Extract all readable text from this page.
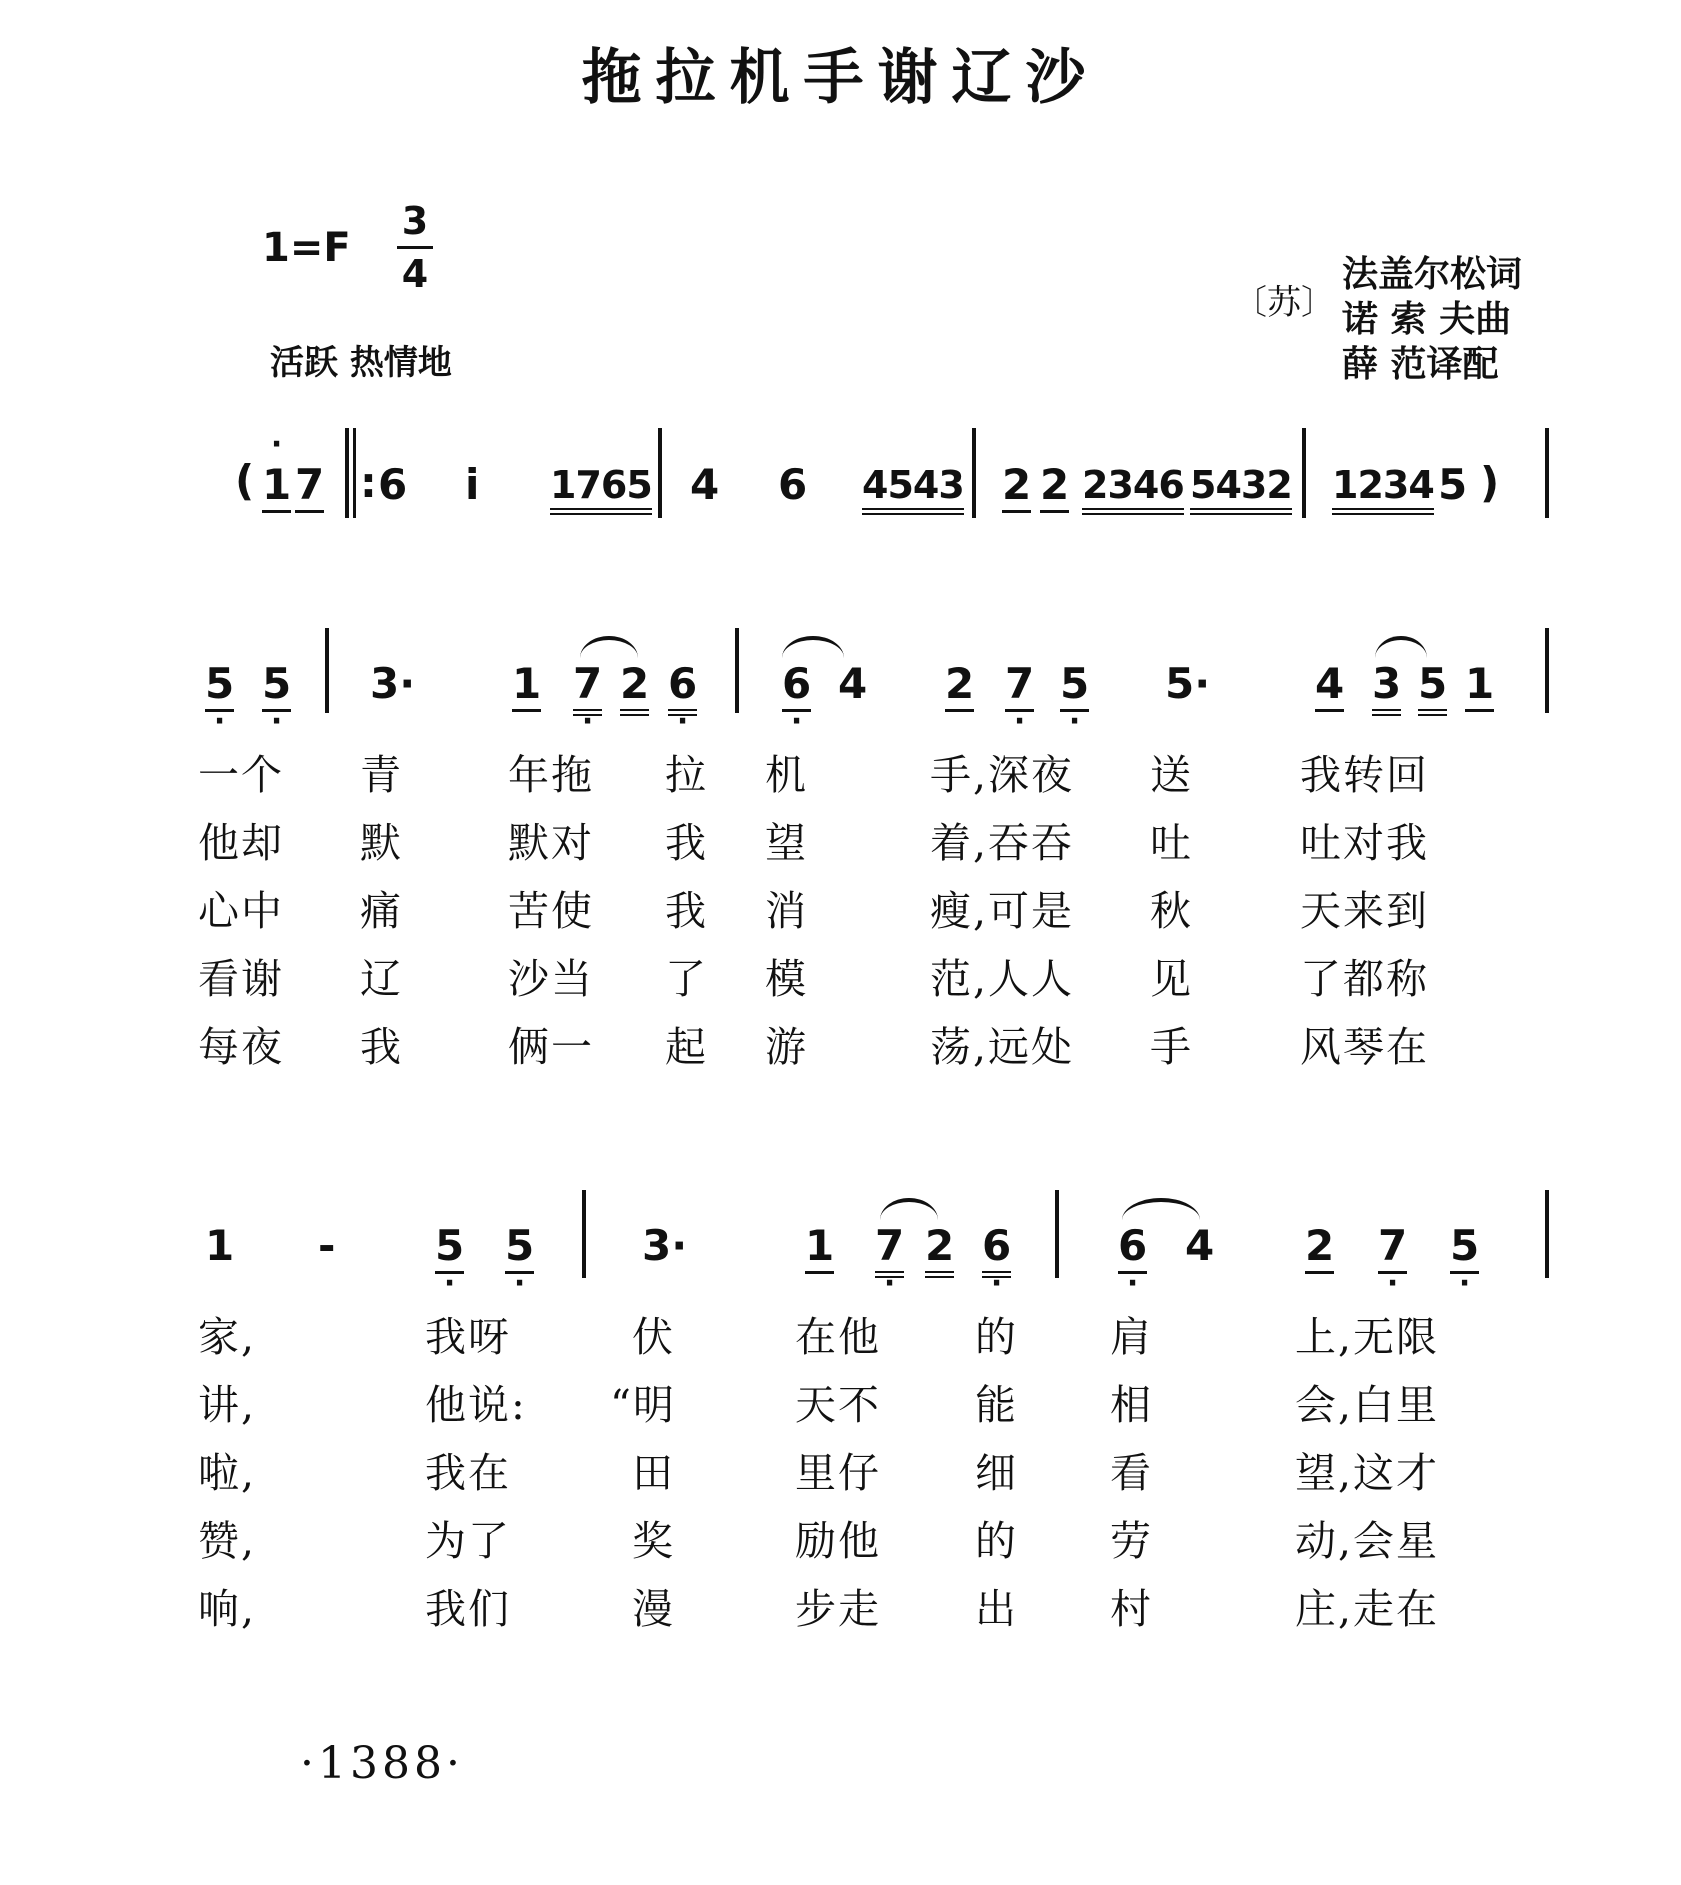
拖拉机手谢辽沙
1=F
3
4
活跃 热情地
〔苏〕
法盖尔松词
诺 索 夫曲
薛 范译配
(
· 1 7 : 6 i 1765 4 6 4543 2 2 2346 5432 1234 5 )
5 · 5 · 3· 1 7 · 2 6 · 6 · 4 2 7 · 5 · 5· 4 3 5 1
一个 青	年拖 拉 机	手,深夜 送	我转回
他却 默	默对 我 望	着,吞吞 吐	吐对我
心中 痛	苦使 我 消	瘦,可是 秋	天来到
看谢 辽	沙当 了 模	范,人人 见	了都称
每夜 我	俩一 起 游	荡,远处 手	风琴在
1 - 5 · 5 ·	3·	1 7 · 2 6 ·	6 · 4 2 7 · 5 ·
家,	我呀	伏	在他 的 肩	上,无限
讲,	他说: “明	天不 能 相	会,白里
啦,	我在	田	里仔 细 看	望,这才
赞,	为了	奖	励他 的 劳	动,会星
响,	我们	漫	步走 出 村	庄,走在
·1388·
